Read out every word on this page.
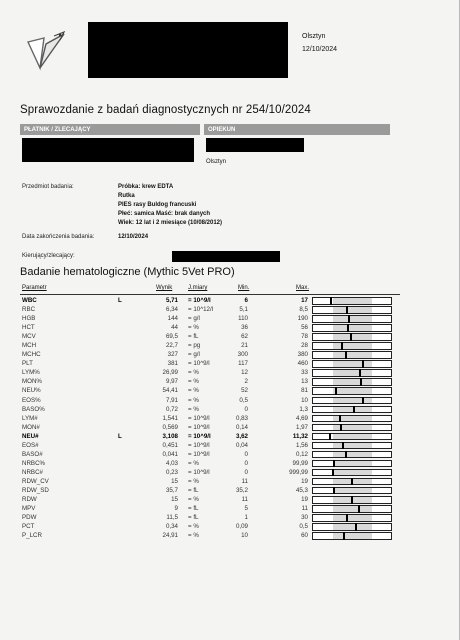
Olsztyn
12/10/2024
Sprawozdanie z badań diagnostycznych nr 254/10/2024
PŁATNIK / ZLECAJĄCY	OPIEKUN
Olsztyn
Przedmiot badania:	Próbka: krew EDTA
Rutka
PIES rasy Buldog francuski
Płeć: samica Maść: brak danych
Wiek: 12 lat i 2 miesiące (10/08/2012)
Data zakończenia badania:	12/10/2024
Kierujący/zlecający:
Badanie hematologiczne (Mythic 5Vet PRO)
Parametr	Wynik	J.miary	Min.	Max.
WBC	L	5,71 = 10^9/l	6	17
RBC	6,34 = 10^12/l	5,1	8,5
HGB	144 = g/l	110	190
HCT	44 = %	36	56
MCV	69,5 = fL	62	78
MCH	22,7 = pg	21	28
MCHC	327 = g/l	300	380
PLT	381 = 10^9/l	117	460
LYM%	26,99 = %	12	33
MON%	9,97 = %	2	13
NEU%	54,41 = %	52	81
EOS%	7,91 = %	0,5	10
BASO%	0,72 = %	0	1,3
LYM#	1,541 = 10^9/l	0,83	4,69
MON#	0,569 = 10^9/l	0,14	1,97
NEU#	L	3,108 = 10^9/l	3,62	11,32
EOS#	0,451 = 10^9/l	0,04	1,56
BASO#	0,041 = 10^9/l	0	0,12
NRBC%	4,03 = %	0	99,99
NRBC#	0,23 = 10^9/l	0	999,99
RDW_CV	15 = %	11	19
RDW_SD	35,7 = fL	35,2	45,3
RDW	15 = %	11	19
MPV	9 = fL	5	11
PDW	11,5 = fL	1	30
PCT	0,34 = %	0,09	0,5
P_LCR	24,91 = %	10	60
